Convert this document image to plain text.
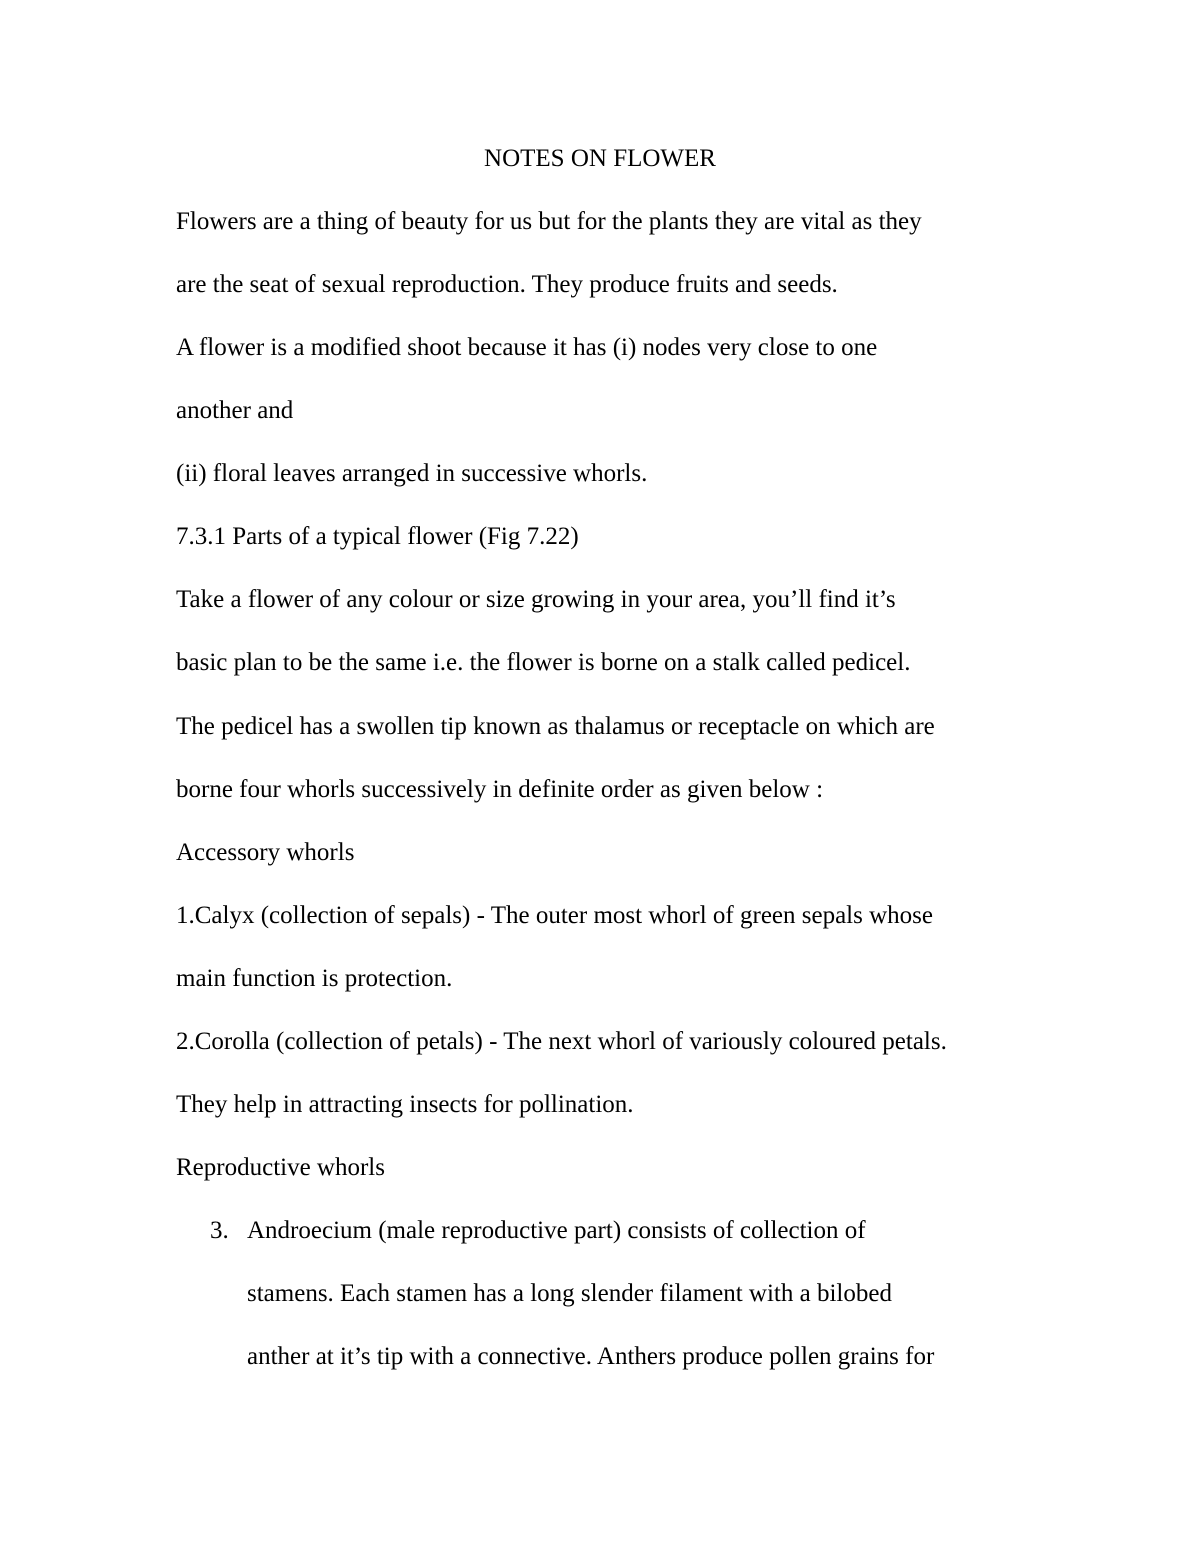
NOTES ON FLOWER
Flowers are a thing of beauty for us but for the plants they are vital as they
are the seat of sexual reproduction. They produce fruits and seeds.
A flower is a modified shoot because it has (i) nodes very close to one
another and
(ii) floral leaves arranged in successive whorls.
7.3.1 Parts of a typical flower (Fig 7.22)
Take a flower of any colour or size growing in your area, you’ll find it’s
basic plan to be the same i.e. the flower is borne on a stalk called pedicel.
The pedicel has a swollen tip known as thalamus or receptacle on which are
borne four whorls successively in definite order as given below :
Accessory whorls
1.Calyx (collection of sepals) - The outer most whorl of green sepals whose
main function is protection.
2.Corolla (collection of petals) - The next whorl of variously coloured petals.
They help in attracting insects for pollination.
Reproductive whorls
3. Androecium (male reproductive part) consists of collection of
stamens. Each stamen has a long slender filament with a bilobed
anther at it’s tip with a connective. Anthers produce pollen grains for
